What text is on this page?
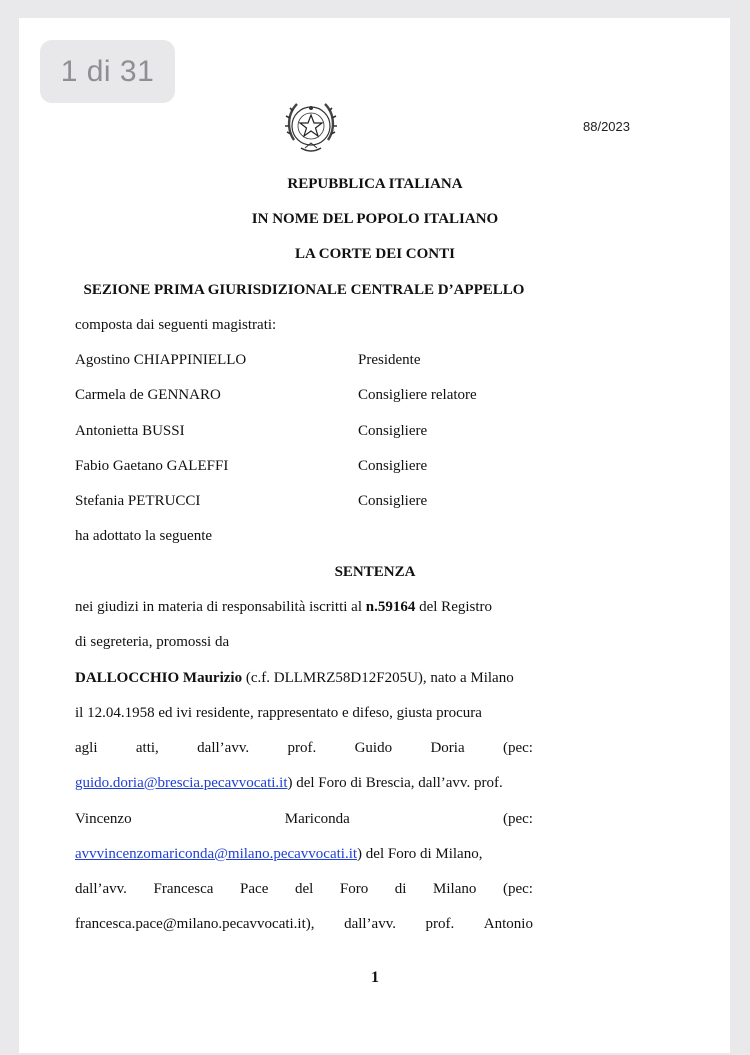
1 di 31
88/2023
REPUBBLICA ITALIANA
IN NOME DEL POPOLO ITALIANO
LA CORTE DEI CONTI
SEZIONE PRIMA GIURISDIZIONALE CENTRALE D’APPELLO
composta dai seguenti magistrati:
Agostino CHIAPPINIELLO	Presidente
Carmela de GENNARO	Consigliere relatore
Antonietta BUSSI	Consigliere
Fabio Gaetano GALEFFI	Consigliere
Stefania PETRUCCI	Consigliere
ha adottato la seguente
SENTENZA
nei giudizi in materia di responsabilità iscritti al n.59164 del Registro
di segreteria, promossi da
DALLOCCHIO Maurizio (c.f. DLLMRZ58D12F205U), nato a Milano
il 12.04.1958 ed ivi residente, rappresentato e difeso, giusta procura
agli	atti,	dall’avv.	prof.	Guido	Doria	(pec:
guido.doria@brescia.pecavvocati.it) del Foro di Brescia, dall’avv. prof.
Vincenzo	Mariconda	(pec:
avvvincenzomariconda@milano.pecavvocati.it) del Foro di Milano,
dall’avv. Francesca Pace del Foro di Milano (pec:
francesca.pace@milano.pecavvocati.it), dall’avv. prof. Antonio
1
